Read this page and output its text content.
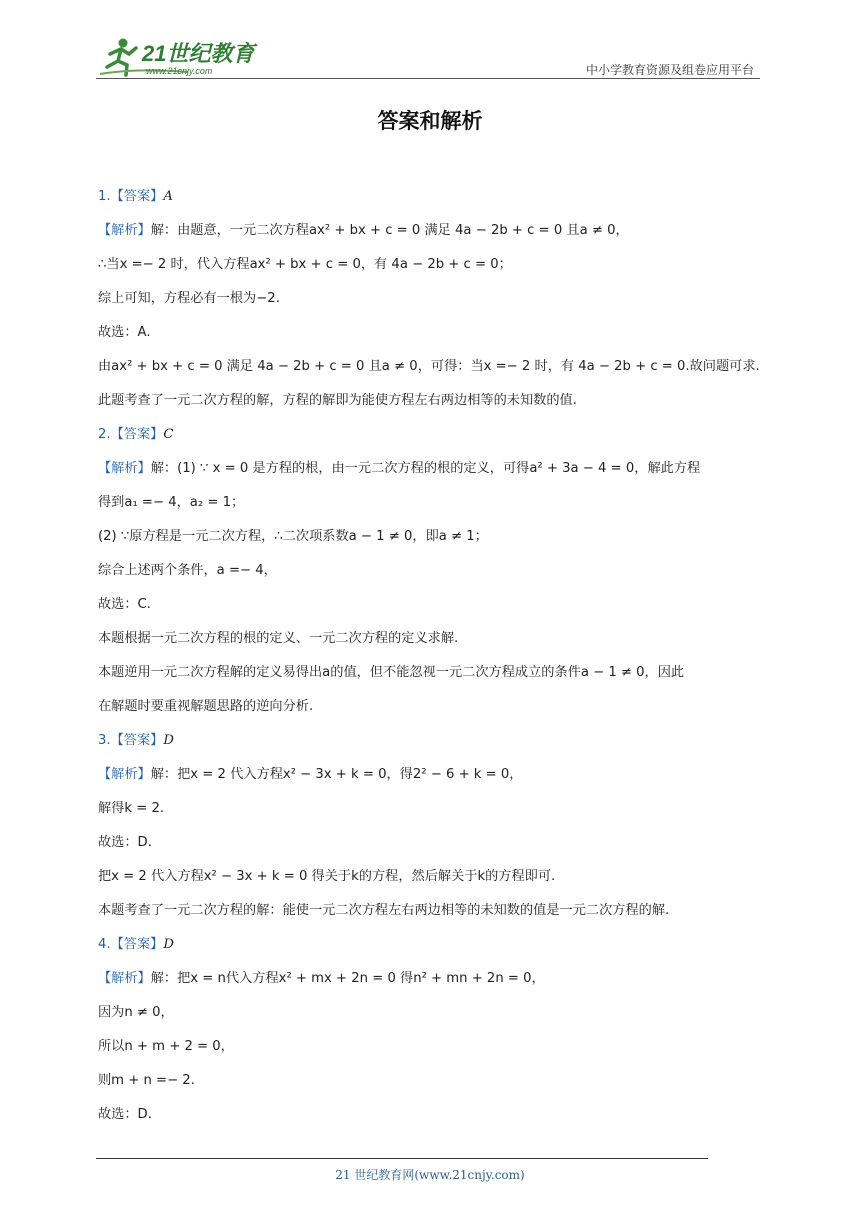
21世纪教育
www.21cnjy.com	中小学教育资源及组卷应用平台
答案和解析
1.【答案】A
【解析】解：由题意，一元二次方程ax² + bx + c = 0 满足 4a − 2b + c = 0 且a ≠ 0，
∴当x =− 2 时，代入方程ax² + bx + c = 0，有 4a − 2b + c = 0；
综上可知，方程必有一根为−2.
故选：A.
由ax² + bx + c = 0 满足 4a − 2b + c = 0 且a ≠ 0，可得：当x =− 2 时，有 4a − 2b + c = 0.故问题可求.
此题考查了一元二次方程的解，方程的解即为能使方程左右两边相等的未知数的值.
2.【答案】C
【解析】解：(1) ∵ x = 0 是方程的根，由一元二次方程的根的定义，可得a² + 3a − 4 = 0，解此方程
得到a₁ =− 4，a₂ = 1；
(2) ∵原方程是一元二次方程，∴二次项系数a − 1 ≠ 0，即a ≠ 1；
综合上述两个条件，a =− 4，
故选：C.
本题根据一元二次方程的根的定义、一元二次方程的定义求解.
本题逆用一元二次方程解的定义易得出a的值，但不能忽视一元二次方程成立的条件a − 1 ≠ 0，因此
在解题时要重视解题思路的逆向分析.
3.【答案】D
【解析】解：把x = 2 代入方程x² − 3x + k = 0，得2² − 6 + k = 0，
解得k = 2.
故选：D.
把x = 2 代入方程x² − 3x + k = 0 得关于k的方程，然后解关于k的方程即可.
本题考查了一元二次方程的解：能使一元二次方程左右两边相等的未知数的值是一元二次方程的解.
4.【答案】D
【解析】解：把x = n代入方程x² + mx + 2n = 0 得n² + mn + 2n = 0，
因为n ≠ 0，
所以n + m + 2 = 0，
则m + n =− 2.
故选：D.
21 世纪教育网(www.21cnjy.com)
